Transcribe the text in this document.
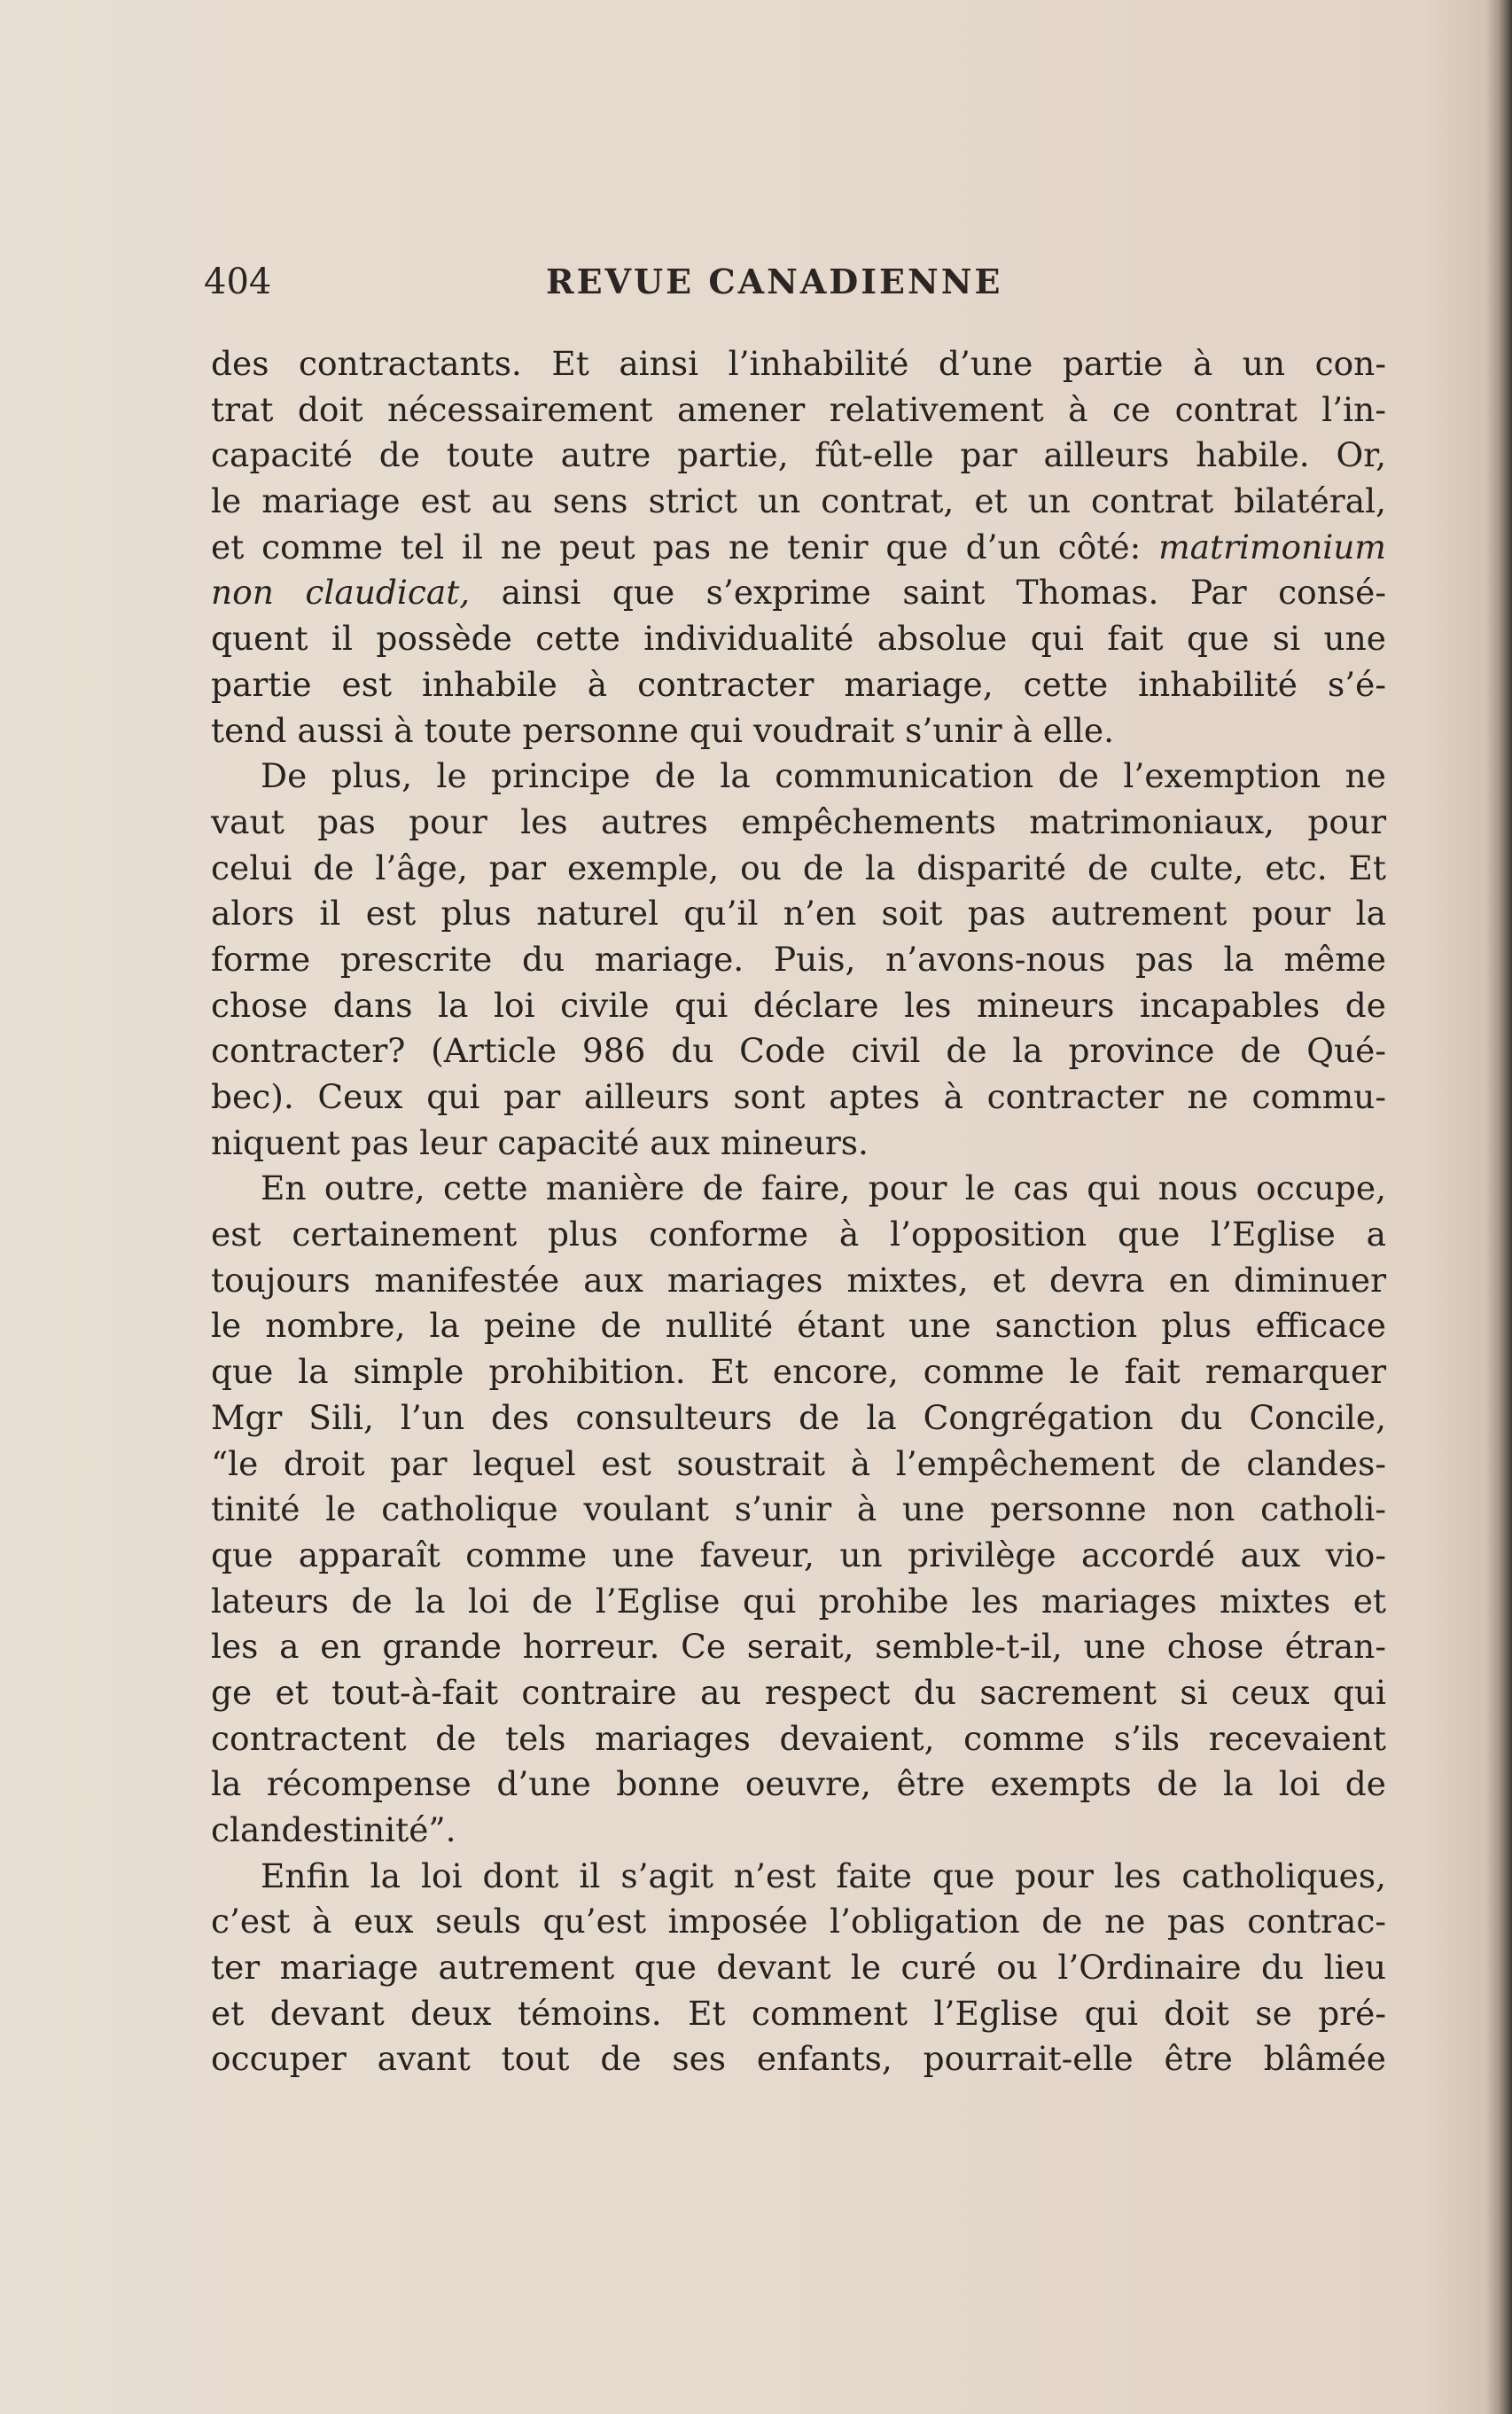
404	REVUE CANADIENNE
des contractants. Et ainsi l’inhabilité d’une partie à un con-
trat doit nécessairement amener relativement à ce contrat l’in-
capacité de toute autre partie, fût-elle par ailleurs habile. Or,
le mariage est au sens strict un contrat, et un contrat bilatéral,
et comme tel il ne peut pas ne tenir que d’un côté: matrimonium
non claudicat, ainsi que s’exprime saint Thomas. Par consé-
quent il possède cette individualité absolue qui fait que si une
partie est inhabile à contracter mariage, cette inhabilité s’é-
tend aussi à toute personne qui voudrait s’unir à elle.
De plus, le principe de la communication de l’exemption ne
vaut pas pour les autres empêchements matrimoniaux, pour
celui de l’âge, par exemple, ou de la disparité de culte, etc. Et
alors il est plus naturel qu’il n’en soit pas autrement pour la
forme prescrite du mariage. Puis, n’avons-nous pas la même
chose dans la loi civile qui déclare les mineurs incapables de
contracter? (Article 986 du Code civil de la province de Qué-
bec). Ceux qui par ailleurs sont aptes à contracter ne commu-
niquent pas leur capacité aux mineurs.
En outre, cette manière de faire, pour le cas qui nous occupe,
est certainement plus conforme à l’opposition que l’Eglise a
toujours manifestée aux mariages mixtes, et devra en diminuer
le nombre, la peine de nullité étant une sanction plus efficace
que la simple prohibition. Et encore, comme le fait remarquer
Mgr Sili, l’un des consulteurs de la Congrégation du Concile,
“le droit par lequel est soustrait à l’empêchement de clandes-
tinité le catholique voulant s’unir à une personne non catholi-
que apparaît comme une faveur, un privilège accordé aux vio-
lateurs de la loi de l’Eglise qui prohibe les mariages mixtes et
les a en grande horreur. Ce serait, semble-t-il, une chose étran-
ge et tout-à-fait contraire au respect du sacrement si ceux qui
contractent de tels mariages devaient, comme s’ils recevaient
la récompense d’une bonne oeuvre, être exempts de la loi de
clandestinité”.
Enfin la loi dont il s’agit n’est faite que pour les catholiques,
c’est à eux seuls qu’est imposée l’obligation de ne pas contrac-
ter mariage autrement que devant le curé ou l’Ordinaire du lieu
et devant deux témoins. Et comment l’Eglise qui doit se pré-
occuper avant tout de ses enfants, pourrait-elle être blâmée
